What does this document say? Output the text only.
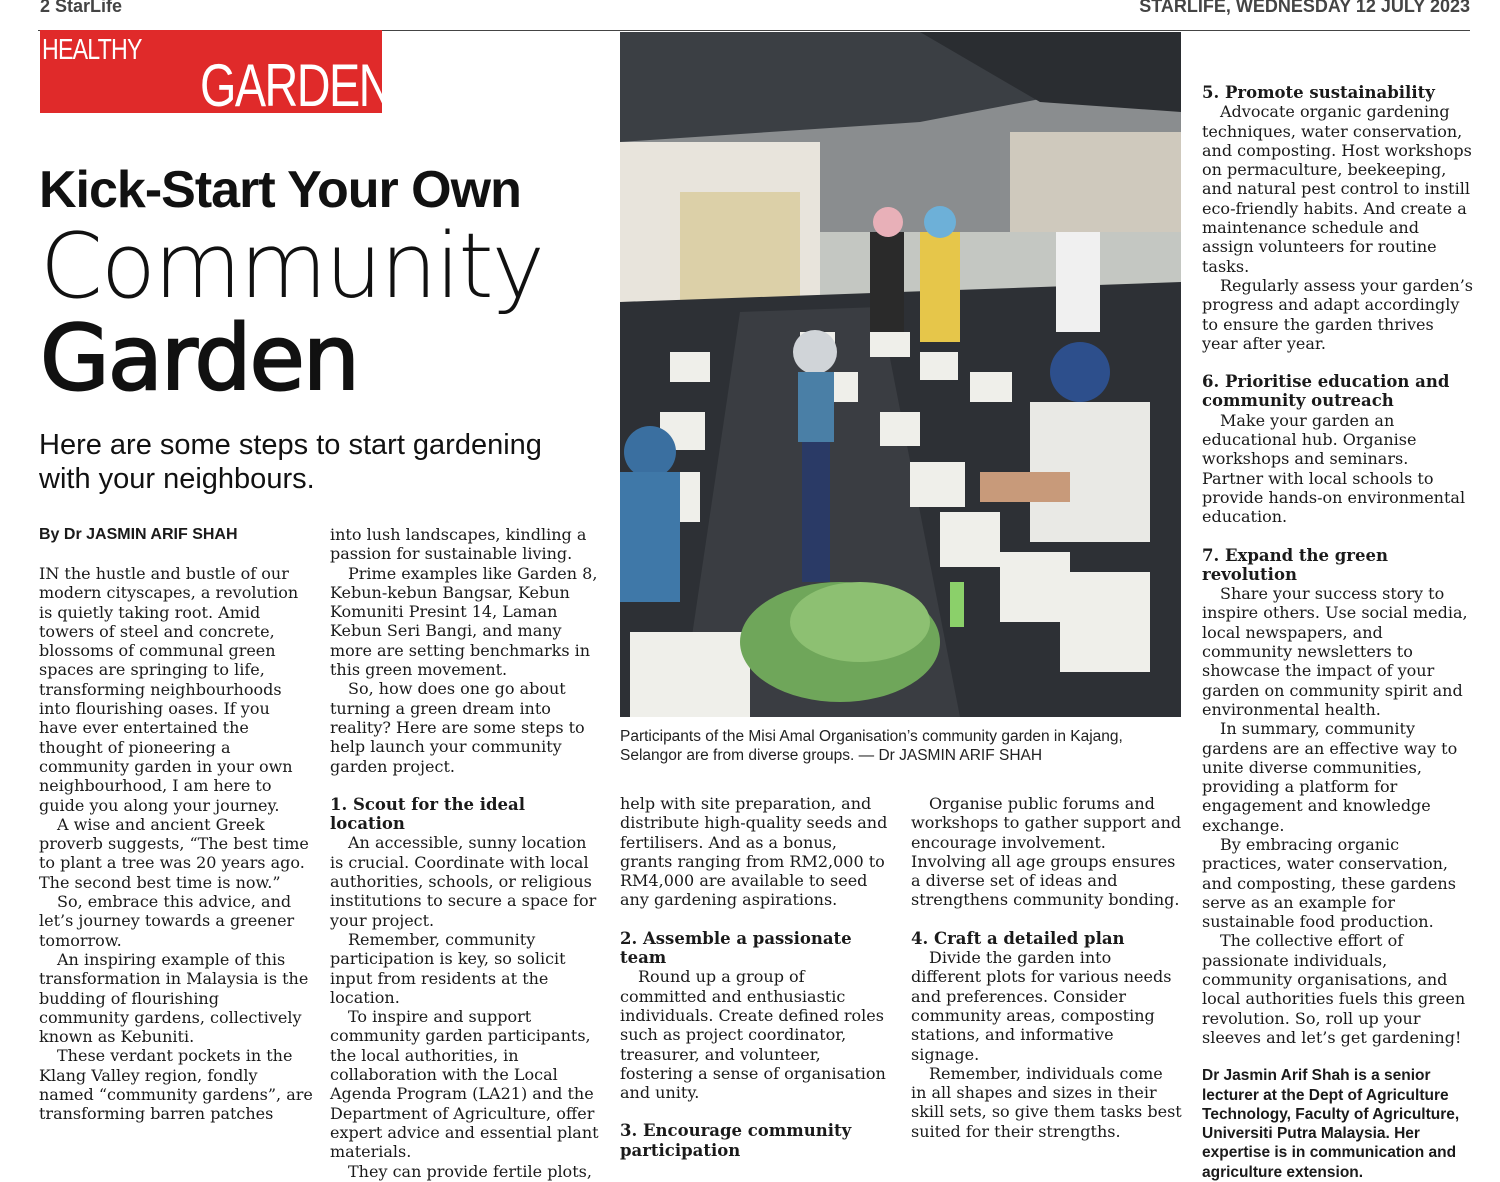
2 StarLife	STARLIFE, WEDNESDAY 12 JULY 2023
HEALTHY
GARDEN
Kick-Start Your Own
Community
Garden
Here are some steps to start gardening with your neighbours.
By Dr JASMIN ARIF SHAH

IN the hustle and bustle of our modern cityscapes, a revolution is quietly taking root. Amid towers of steel and concrete, blossoms of communal green spaces are springing to life, transforming neighbourhoods into flourishing oases. If you have ever entertained the thought of pioneering a community garden in your own neighbourhood, I am here to guide you along your journey.

A wise and ancient Greek proverb suggests, “The best time to plant a tree was 20 years ago. The second best time is now.”

So, embrace this advice, and let’s journey towards a greener tomorrow.

An inspiring example of this transformation in Malaysia is the budding of flourishing community gardens, collectively known as Kebuniti.

These verdant pockets in the Klang Valley region, fondly named “community gardens”, are transforming barren patches

into lush landscapes, kindling a passion for sustainable living.

Prime examples like Garden 8, Kebun-kebun Bangsar, Kebun Komuniti Presint 14, Laman Kebun Seri Bangi, and many more are setting benchmarks in this green movement.

So, how does one go about turning a green dream into reality? Here are some steps to help launch your community garden project.

1. Scout for the ideal location

An accessible, sunny location is crucial. Coordinate with local authorities, schools, or religious institutions to secure a space for your project.

Remember, community participation is key, so solicit input from residents at the location.

To inspire and support community garden participants, the local authorities, in collaboration with the Local Agenda Program (LA21) and the Department of Agriculture, offer expert advice and essential plant materials.

They can provide fertile plots,

Participants of the Misi Amal Organisation’s community garden in Kajang, Selangor are from diverse groups. — Dr JASMIN ARIF SHAH

help with site preparation, and distribute high-quality seeds and fertilisers. And as a bonus, grants ranging from RM2,000 to RM4,000 are available to seed any gardening aspirations.

2. Assemble a passionate team

Round up a group of committed and enthusiastic individuals. Create defined roles such as project coordinator, treasurer, and volunteer, fostering a sense of organisation and unity.

3. Encourage community participation

Organise public forums and workshops to gather support and encourage involvement. Involving all age groups ensures a diverse set of ideas and strengthens community bonding.

4. Craft a detailed plan

Divide the garden into different plots for various needs and preferences. Consider community areas, composting stations, and informative signage.

Remember, individuals come in all shapes and sizes in their skill sets, so give them tasks best suited for their strengths.

5. Promote sustainability

Advocate organic gardening techniques, water conservation, and composting. Host workshops on permaculture, beekeeping, and natural pest control to instill eco-friendly habits. And create a maintenance schedule and assign volunteers for routine tasks.

Regularly assess your garden’s progress and adapt accordingly to ensure the garden thrives year after year.

6. Prioritise education and community outreach

Make your garden an educational hub. Organise workshops and seminars. Partner with local schools to provide hands-on environmental education.

7. Expand the green revolution

Share your success story to inspire others. Use social media, local newspapers, and community newsletters to showcase the impact of your garden on community spirit and environmental health.

In summary, community gardens are an effective way to unite diverse communities, providing a platform for engagement and knowledge exchange.

By embracing organic practices, water conservation, and composting, these gardens serve as an example for sustainable food production.

The collective effort of passionate individuals, community organisations, and local authorities fuels this green revolution. So, roll up your sleeves and let’s get gardening!

Dr Jasmin Arif Shah is a senior lecturer at the Dept of Agriculture Technology, Faculty of Agriculture, Universiti Putra Malaysia. Her expertise is in communication and agriculture extension.
